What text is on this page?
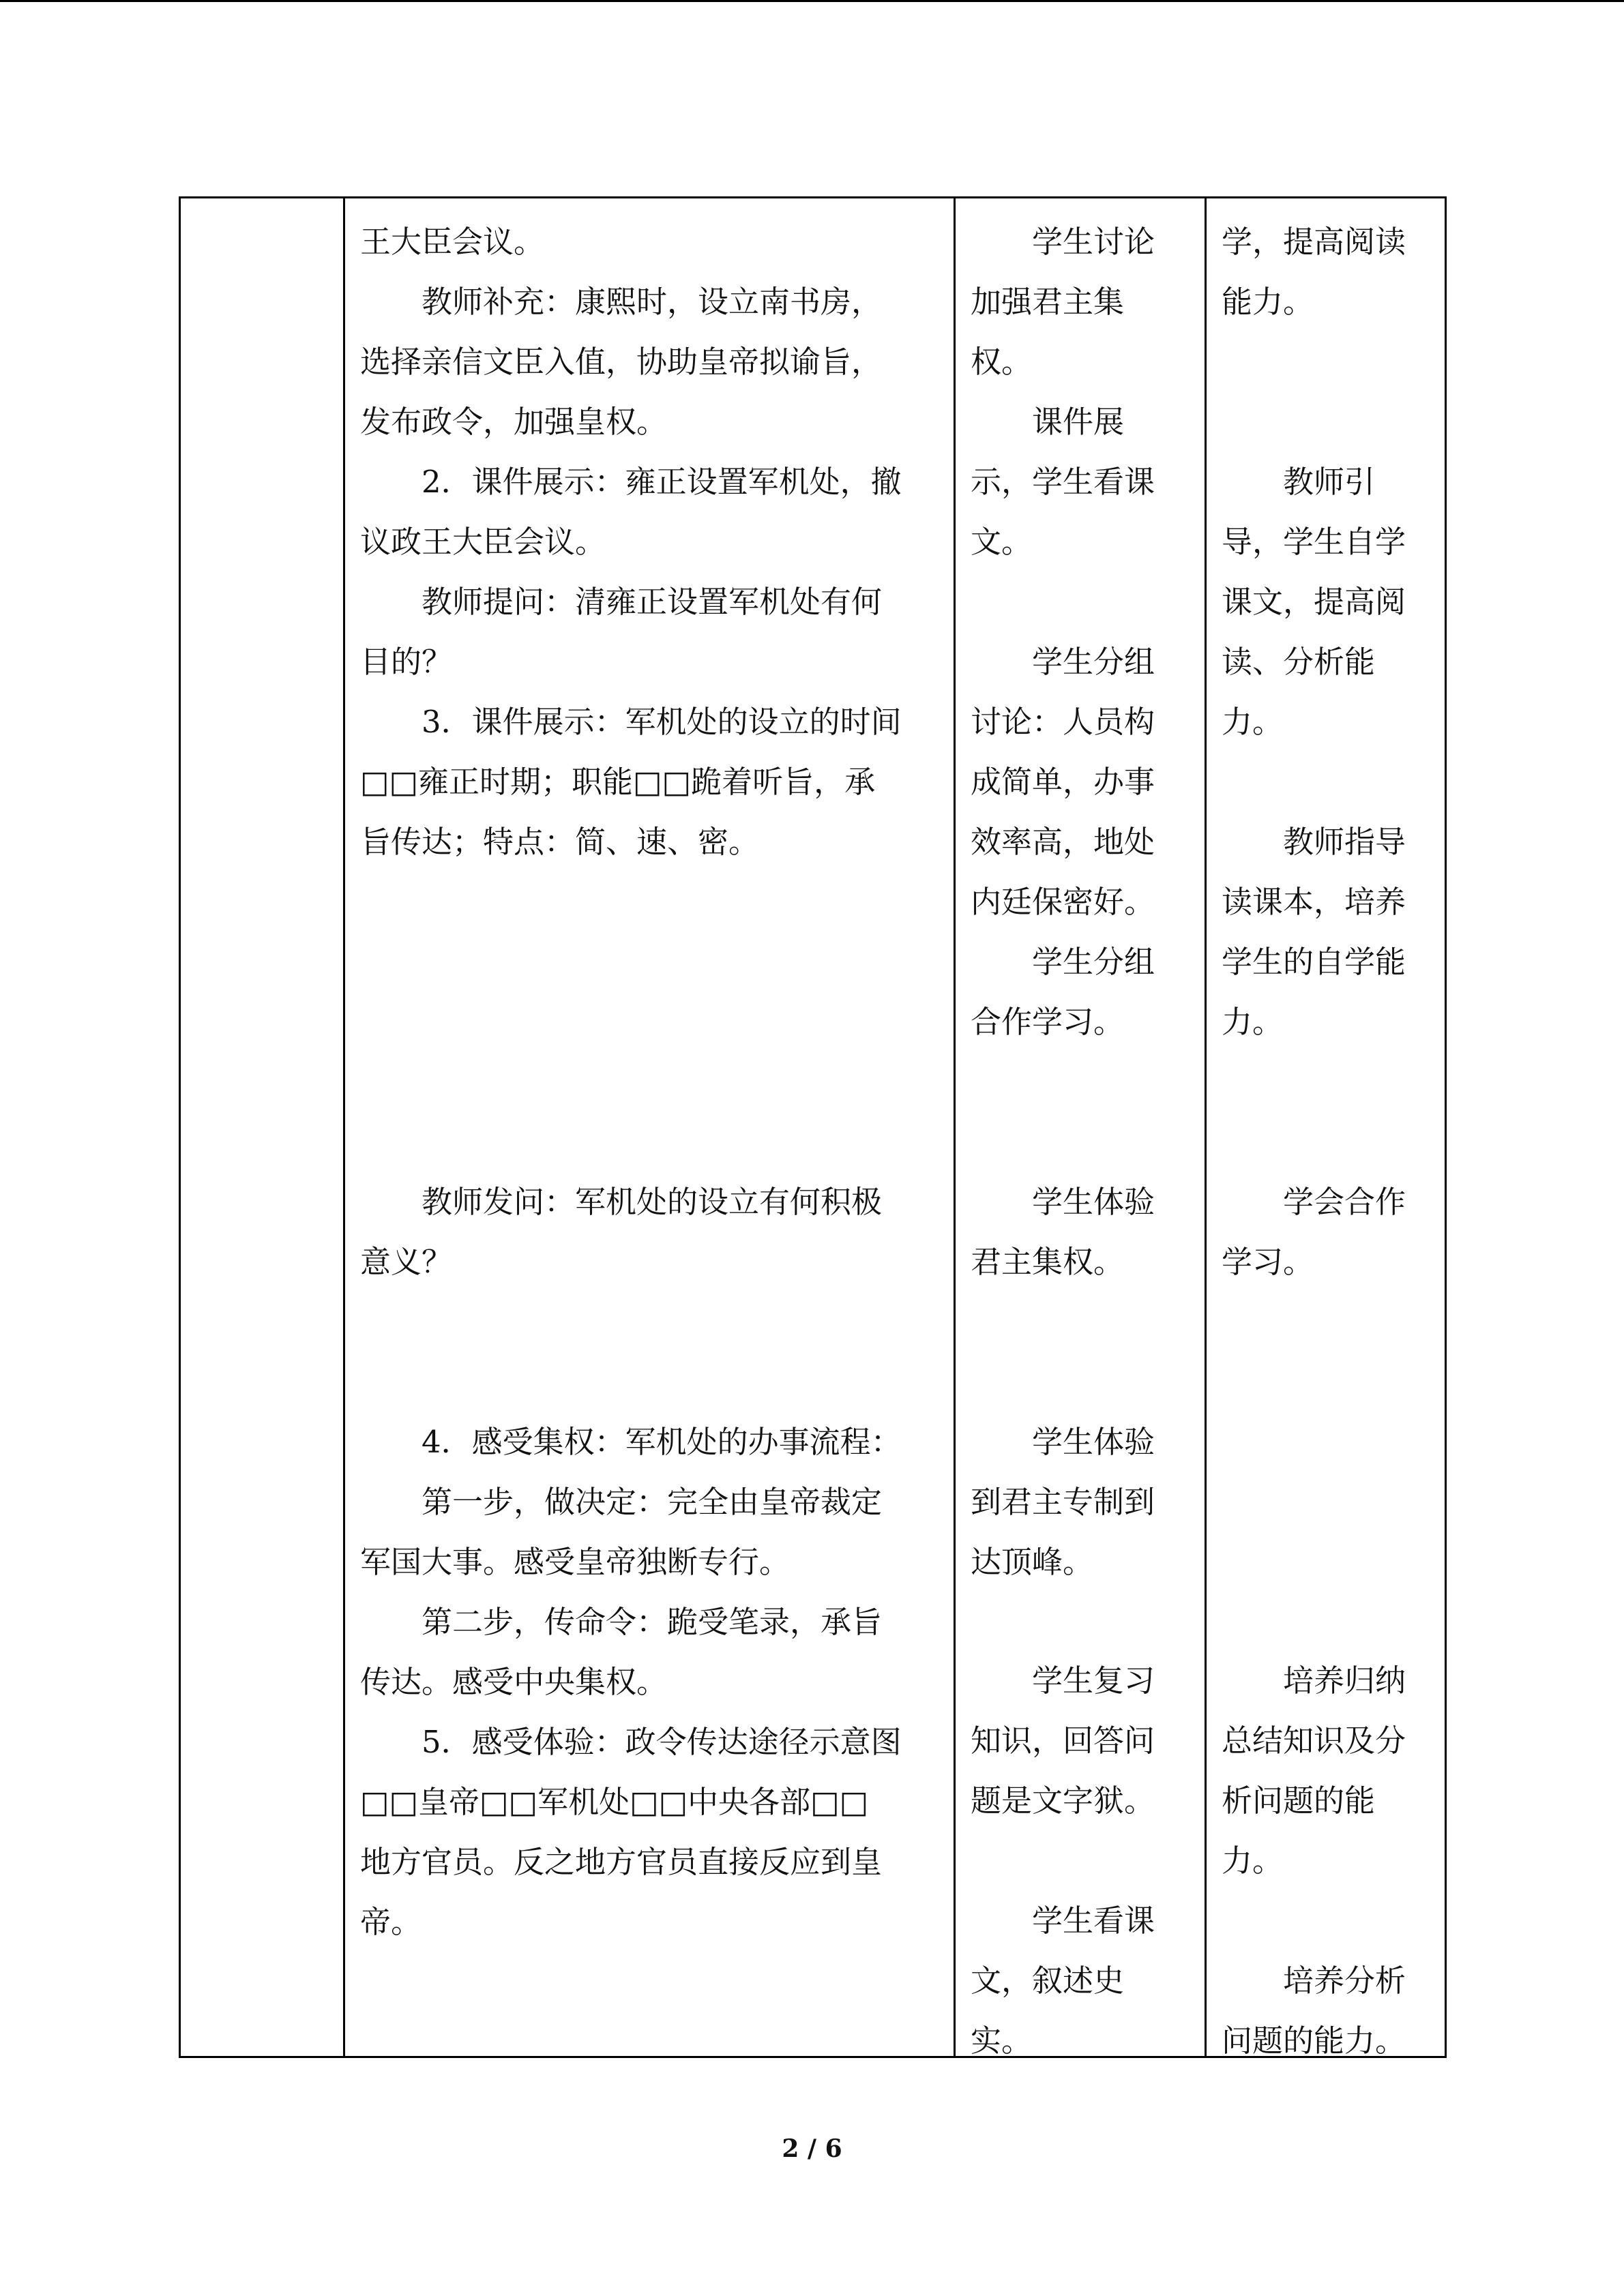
王大臣会议。
　　教师补充：康熙时，设立南书房，
选择亲信文臣入值，协助皇帝拟谕旨，
发布政令，加强皇权。
　　2．课件展示：雍正设置军机处，撤
议政王大臣会议。
　　教师提问：清雍正设置军机处有何
目的？
　　3．课件展示：军机处的设立的时间
□□雍正时期；职能□□跪着听旨，承
旨传达；特点：简、速、密。

　　教师发问：军机处的设立有何积极
意义？

　　4．感受集权：军机处的办事流程：
　　第一步，做决定：完全由皇帝裁定
军国大事。感受皇帝独断专行。
　　第二步，传命令：跪受笔录，承旨
传达。感受中央集权。
　　5．感受体验：政令传达途径示意图
□□皇帝□□军机处□□中央各部□□
地方官员。反之地方官员直接反应到皇
帝。

　　学生讨论
加强君主集
权。
　　课件展
示，学生看课
文。

　　学生分组
讨论：人员构
成简单，办事
效率高，地处
内廷保密好。
　　学生分组
合作学习。

　　学生体验
君主集权。

　　学生体验
到君主专制到
达顶峰。

　　学生复习
知识，回答问
题是文字狱。

　　学生看课
文，叙述史
实。

学，提高阅读
能力。

　　教师引
导，学生自学
课文，提高阅
读、分析能
力。

　　教师指导
读课本，培养
学生的自学能
力。

　　学会合作
学习。

　　培养归纳
总结知识及分
析问题的能
力。

　　培养分析
问题的能力。

2 / 6
